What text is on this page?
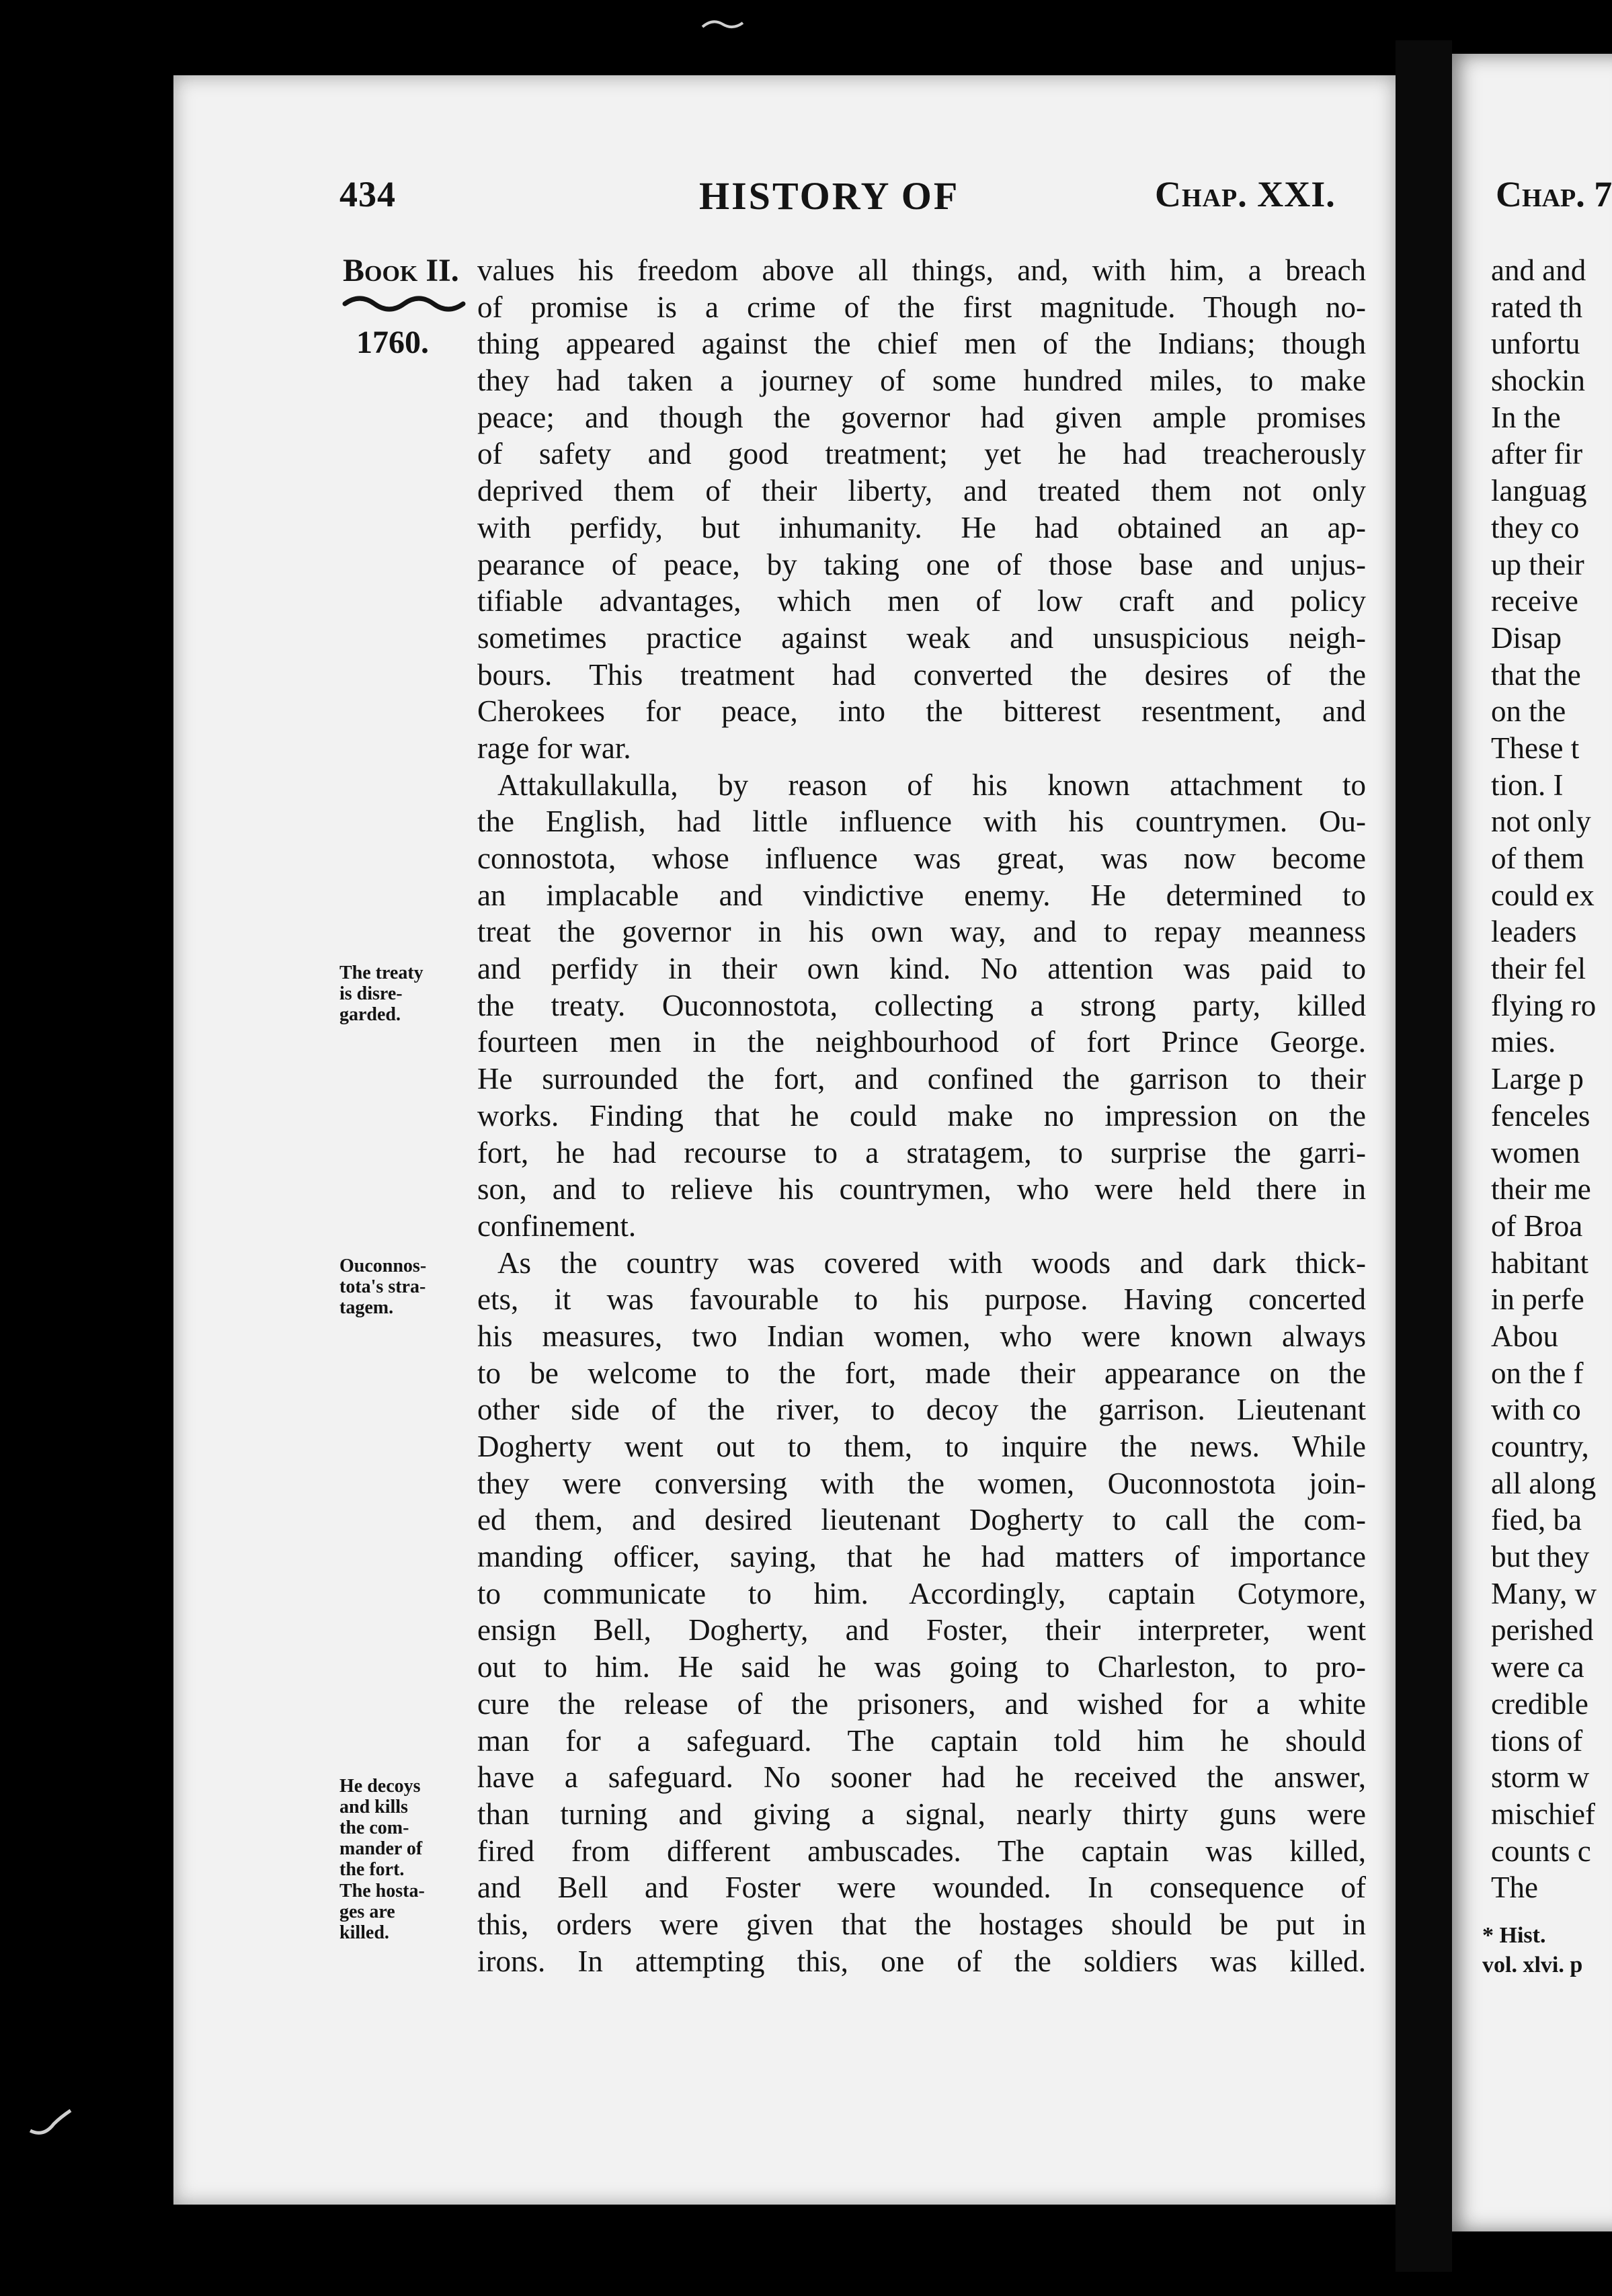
434	HISTORY OF	Chap. XXI.
Book II.
1760.
The treaty
is disre-
garded.
Ouconnos-
tota's stra-
tagem.
He decoys
and kills
the com-
mander of
the fort.
The hosta-
ges are
killed.
values his freedom above all things, and, with him, a breach
of promise is a crime of the first magnitude. Though no-
thing appeared against the chief men of the Indians; though
they had taken a journey of some hundred miles, to make
peace; and though the governor had given ample promises
of safety and good treatment; yet he had treacherously
deprived them of their liberty, and treated them not only
with perfidy, but inhumanity. He had obtained an ap-
pearance of peace, by taking one of those base and unjus-
tifiable advantages, which men of low craft and policy
sometimes practice against weak and unsuspicious neigh-
bours. This treatment had converted the desires of the
Cherokees for peace, into the bitterest resentment, and
rage for war.
Attakullakulla, by reason of his known attachment to
the English, had little influence with his countrymen. Ou-
connostota, whose influence was great, was now become
an implacable and vindictive enemy. He determined to
treat the governor in his own way, and to repay meanness
and perfidy in their own kind. No attention was paid to
the treaty. Ouconnostota, collecting a strong party, killed
fourteen men in the neighbourhood of fort Prince George.
He surrounded the fort, and confined the garrison to their
works. Finding that he could make no impression on the
fort, he had recourse to a stratagem, to surprise the garri-
son, and to relieve his countrymen, who were held there in
confinement.
As the country was covered with woods and dark thick-
ets, it was favourable to his purpose. Having concerted
his measures, two Indian women, who were known always
to be welcome to the fort, made their appearance on the
other side of the river, to decoy the garrison. Lieutenant
Dogherty went out to them, to inquire the news. While
they were conversing with the women, Ouconnostota join-
ed them, and desired lieutenant Dogherty to call the com-
manding officer, saying, that he had matters of importance
to communicate to him. Accordingly, captain Cotymore,
ensign Bell, Dogherty, and Foster, their interpreter, went
out to him. He said he was going to Charleston, to pro-
cure the release of the prisoners, and wished for a white
man for a safeguard. The captain told him he should
have a safeguard. No sooner had he received the answer,
than turning and giving a signal, nearly thirty guns were
fired from different ambuscades. The captain was killed,
and Bell and Foster were wounded. In consequence of
this, orders were given that the hostages should be put in
irons. In attempting this, one of the soldiers was killed.
Chap. 7
and and
rated th
unfortu
shockin
In the
after fir
languag
they co
up their
receive
Disap
that the
on the
These t
tion. I
not only
of them
could ex
leaders
their fel
flying ro
mies.
Large p
fenceles
women
their me
of Broa
habitant
in perfe
Abou
on the f
with co
country,
all along
fied, ba
but they
Many, w
perished
were ca
credible
tions of
storm w
mischief
counts c
The
* Hist.
vol. xlvi. p
